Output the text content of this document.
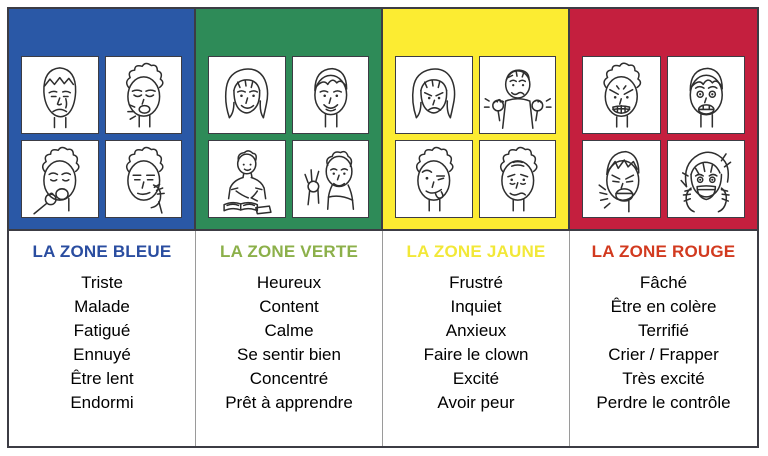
LA ZONE BLEUE
Triste
Malade
Fatigué
Ennuyé
Être lent
Endormi
LA ZONE VERTE
Heureux
Content
Calme
Se sentir bien
Concentré
Prêt à apprendre
LA ZONE JAUNE
Frustré
Inquiet
Anxieux
Faire le clown
Excité
Avoir peur
LA ZONE ROUGE
Fâché
Être en colère
Terrifié
Crier / Frapper
Très excité
Perdre le contrôle
